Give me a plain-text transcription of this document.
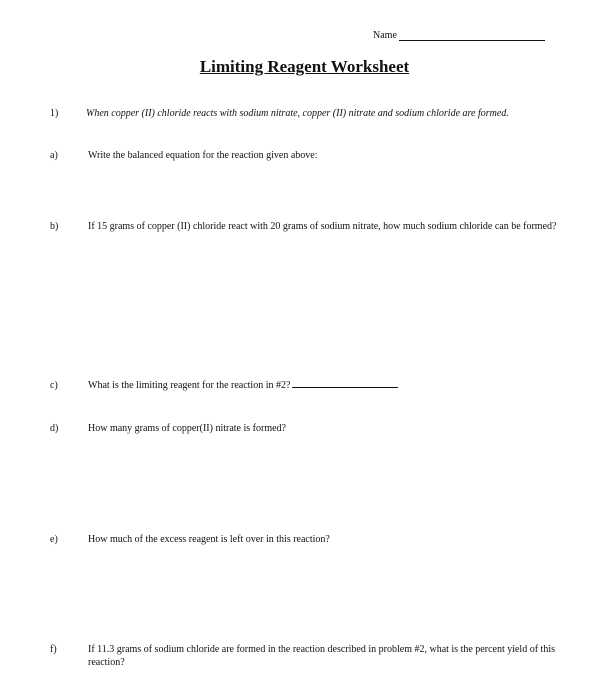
Name
Limiting Reagent Worksheet
1)	When copper (II) chloride reacts with sodium nitrate, copper (II) nitrate and sodium chloride are formed.
a)	Write the balanced equation for the reaction given above:
b)	If 15 grams of copper (II) chloride react with 20 grams of sodium nitrate, how much sodium chloride can be formed?
c)	What is the limiting reagent for the reaction in #2?
d)	How many grams of copper(II) nitrate is formed?
e)	How much of the excess reagent is left over in this reaction?
f)	If 11.3 grams of sodium chloride are formed in the reaction described in problem #2, what is the percent yield of this reaction?
